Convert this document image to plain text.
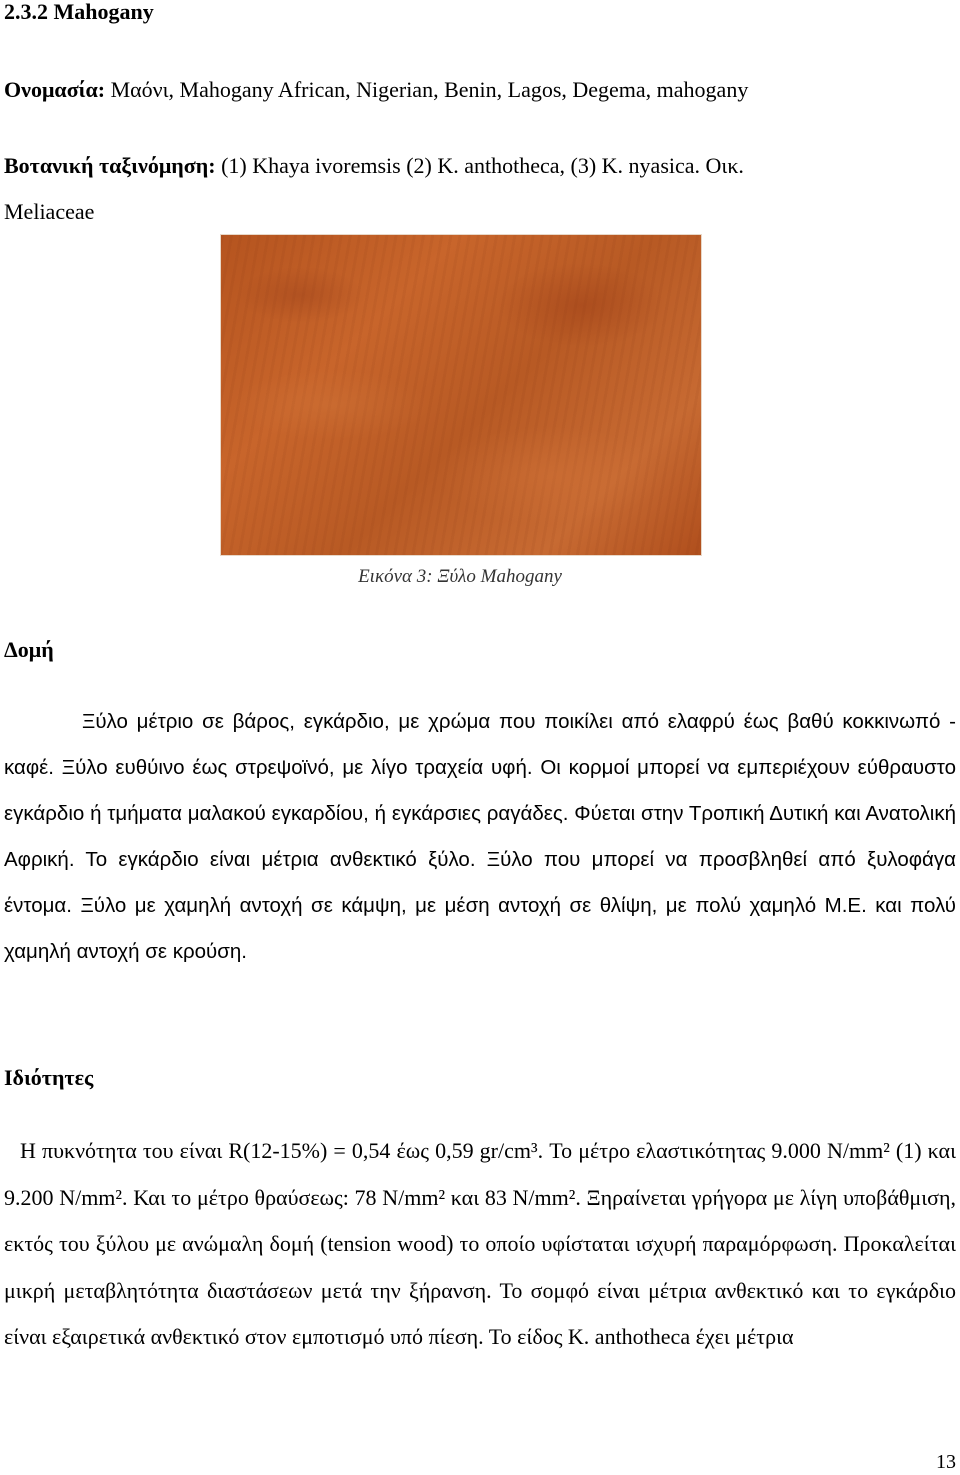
2.3.2 Mahogany

Ονομασία: Μαόνι, Mahogany African, Nigerian, Benin, Lagos, Degema, mahogany

Βοτανική ταξινόμηση: (1) Khaya ivoremsis (2) K. anthotheca, (3) K. nyasica. Οικ.

Meliaceae

Εικόνα 3: Ξύλο Mahogany

Δομή

Ξύλο μέτριο σε βάρος, εγκάρδιο, με χρώμα που ποικίλει από ελαφρύ έως βαθύ κοκκινωπό - καφέ. Ξύλο ευθύινο έως στρεψοϊνό, με λίγο τραχεία υφή. Οι κορμοί μπορεί να εμπεριέχουν εύθραυστο εγκάρδιο ή τμήματα μαλακού εγκαρδίου, ή εγκάρσιες ραγάδες. Φύεται στην Τροπική Δυτική και Ανατολική Αφρική. Το εγκάρδιο είναι μέτρια ανθεκτικό ξύλο. Ξύλο που μπορεί να προσβληθεί από ξυλοφάγα έντομα. Ξύλο με χαμηλή αντοχή σε κάμψη, με μέση αντοχή σε θλίψη, με πολύ χαμηλό Μ.Ε. και πολύ χαμηλή αντοχή σε κρούση.

Ιδιότητες

Η πυκνότητα του είναι R(12-15%) = 0,54 έως 0,59 gr/cm³. Το μέτρο ελαστικότητας 9.000 N/mm² (1) και 9.200 N/mm². Και το μέτρο θραύσεως: 78 N/mm² και 83 N/mm². Ξηραίνεται γρήγορα με λίγη υποβάθμιση, εκτός του ξύλου με ανώμαλη δομή (tension wood) το οποίο υφίσταται ισχυρή παραμόρφωση. Προκαλείται μικρή μεταβλητότητα διαστάσεων μετά την ξήρανση. Το σομφό είναι μέτρια ανθεκτικό και το εγκάρδιο είναι εξαιρετικά ανθεκτικό στον εμποτισμό υπό πίεση. Το είδος K. anthotheca έχει μέτρια

13
